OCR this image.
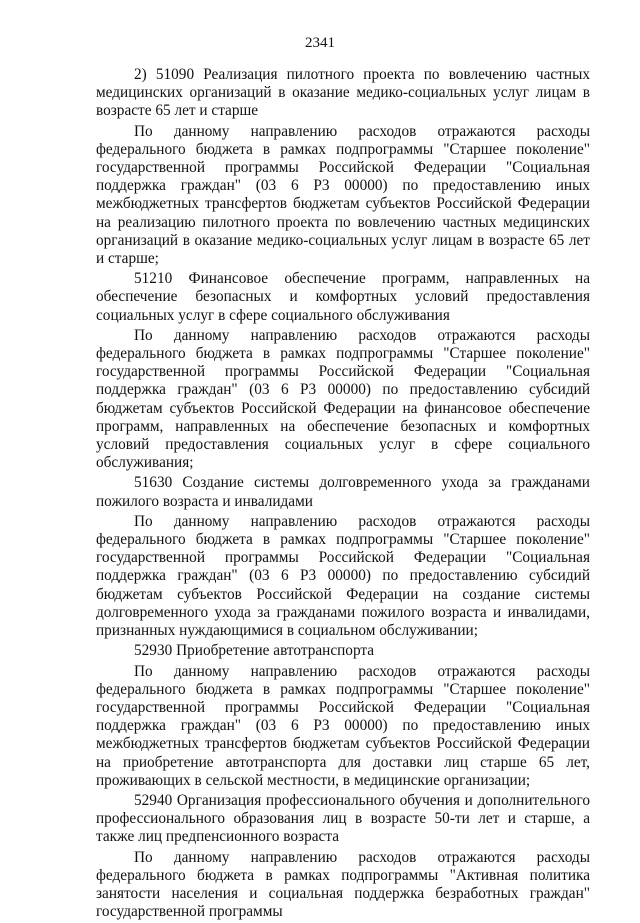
2341

2) 51090 Реализация пилотного проекта по вовлечению частных медицинских организаций в оказание медико-социальных услуг лицам в возрасте 65 лет и старше

По данному направлению расходов отражаются расходы федерального бюджета в рамках подпрограммы "Старшее поколение" государственной программы Российской Федерации "Социальная поддержка граждан" (03 6 Р3 00000) по предоставлению иных межбюджетных трансфертов бюджетам субъектов Российской Федерации на реализацию пилотного проекта по вовлечению частных медицинских организаций в оказание медико-социальных услуг лицам в возрасте 65 лет и старше;

51210 Финансовое обеспечение программ, направленных на обеспечение безопасных и комфортных условий предоставления социальных услуг в сфере социального обслуживания

По данному направлению расходов отражаются расходы федерального бюджета в рамках подпрограммы "Старшее поколение" государственной программы Российской Федерации "Социальная поддержка граждан" (03 6 Р3 00000) по предоставлению субсидий бюджетам субъектов Российской Федерации на финансовое обеспечение программ, направленных на обеспечение безопасных и комфортных условий предоставления социальных услуг в сфере социального обслуживания;

51630 Создание системы долговременного ухода за гражданами пожилого возраста и инвалидами

По данному направлению расходов отражаются расходы федерального бюджета в рамках подпрограммы "Старшее поколение" государственной программы Российской Федерации "Социальная поддержка граждан" (03 6 Р3 00000) по предоставлению субсидий бюджетам субъектов Российской Федерации на создание системы долговременного ухода за гражданами пожилого возраста и инвалидами, признанных нуждающимися в социальном обслуживании;

52930 Приобретение автотранспорта

По данному направлению расходов отражаются расходы федерального бюджета в рамках подпрограммы "Старшее поколение" государственной программы Российской Федерации "Социальная поддержка граждан" (03 6 Р3 00000) по предоставлению иных межбюджетных трансфертов бюджетам субъектов Российской Федерации на приобретение автотранспорта для доставки лиц старше 65 лет, проживающих в сельской местности, в медицинские организации;

52940 Организация профессионального обучения и дополнительного профессионального образования лиц в возрасте 50-ти лет и старше, а также лиц предпенсионного возраста

По данному направлению расходов отражаются расходы федерального бюджета в рамках подпрограммы "Активная политика занятости населения и социальная поддержка безработных граждан" государственной программы
